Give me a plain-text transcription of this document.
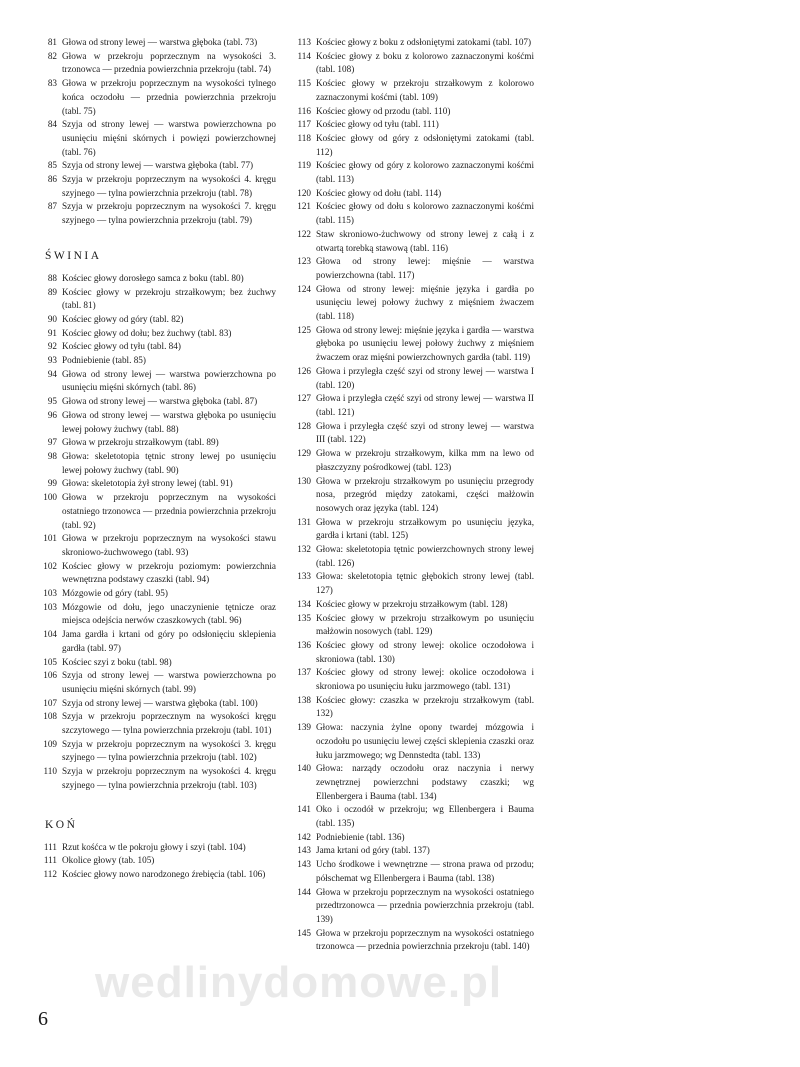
81 Głowa od strony lewej — warstwa głęboka (tabl. 73)
82 Głowa w przekroju poprzecznym na wysokości 3. trzonowca — przednia powierzchnia przekroju (tabl. 74)
83 Głowa w przekroju poprzecznym na wysokości tylnego końca oczodołu — przednia powierzchnia przekroju (tabl. 75)
84 Szyja od strony lewej — warstwa powierzchowna po usunięciu mięśni skórnych i powięzi powierzchownej (tabl. 76)
85 Szyja od strony lewej — warstwa głęboka (tabl. 77)
86 Szyja w przekroju poprzecznym na wysokości 4. kręgu szyjnego — tylna powierzchnia przekroju (tabl. 78)
87 Szyja w przekroju poprzecznym na wysokości 7. kręgu szyjnego — tylna powierzchnia przekroju (tabl. 79)
ŚWINIA
88 Kościec głowy dorosłego samca z boku (tabl. 80)
89 Kościec głowy w przekroju strzałkowym; bez żuchwy (tabl. 81)
90 Kościec głowy od góry (tabl. 82)
91 Kościec głowy od dołu; bez żuchwy (tabl. 83)
92 Kościec głowy od tyłu (tabl. 84)
93 Podniebienie (tabl. 85)
94 Głowa od strony lewej — warstwa powierzchowna po usunięciu mięśni skórnych (tabl. 86)
95 Głowa od strony lewej — warstwa głęboka (tabl. 87)
96 Głowa od strony lewej — warstwa głęboka po usunięciu lewej połowy żuchwy (tabl. 88)
97 Głowa w przekroju strzałkowym (tabl. 89)
98 Głowa: skeletotopia tętnic strony lewej po usunięciu lewej połowy żuchwy (tabl. 90)
99 Głowa: skeletotopia żył strony lewej (tabl. 91)
100 Głowa w przekroju poprzecznym na wysokości ostatniego trzonowca — przednia powierzchnia przekroju (tabl. 92)
101 Głowa w przekroju poprzecznym na wysokości stawu skroniowo-żuchwowego (tabl. 93)
102 Kościec głowy w przekroju poziomym: powierzchnia wewnętrzna podstawy czaszki (tabl. 94)
103 Mózgowie od góry (tabl. 95)
103 Mózgowie od dołu, jego unaczynienie tętnicze oraz miejsca odejścia nerwów czaszkowych (tabl. 96)
104 Jama gardła i krtani od góry po odsłonięciu sklepienia gardła (tabl. 97)
105 Kościec szyi z boku (tabl. 98)
106 Szyja od strony lewej — warstwa powierzchowna po usunięciu mięśni skórnych (tabl. 99)
107 Szyja od strony lewej — warstwa głęboka (tabl. 100)
108 Szyja w przekroju poprzecznym na wysokości kręgu szczytowego — tylna powierzchnia przekroju (tabl. 101)
109 Szyja w przekroju poprzecznym na wysokości 3. kręgu szyjnego — tylna powierzchnia przekroju (tabl. 102)
110 Szyja w przekroju poprzecznym na wysokości 4. kręgu szyjnego — tylna powierzchnia przekroju (tabl. 103)
KOŃ
111 Rzut kośćca w tle pokroju głowy i szyi (tabl. 104)
111 Okolice głowy (tab. 105)
112 Kościec głowy nowo narodzonego źrebięcia (tabl. 106)
113 Kościec głowy z boku z odsłoniętymi zatokami (tabl. 107)
114 Kościec głowy z boku z kolorowo zaznaczonymi kośćmi (tabl. 108)
115 Kościec głowy w przekroju strzałkowym z kolorowo zaznaczonymi kośćmi (tabl. 109)
116 Kościec głowy od przodu (tabl. 110)
117 Kościec głowy od tyłu (tabl. 111)
118 Kościec głowy od góry z odsłoniętymi zatokami (tabl. 112)
119 Kościec głowy od góry z kolorowo zaznaczonymi kośćmi (tabl. 113)
120 Kościec głowy od dołu (tabl. 114)
121 Kościec głowy od dołu s kolorowo zaznaczonymi kośćmi (tabl. 115)
122 Staw skroniowo-żuchwowy od strony lewej z całą i z otwartą torebką stawową (tabl. 116)
123 Głowa od strony lewej: mięśnie — warstwa powierzchowna (tabl. 117)
124 Głowa od strony lewej: mięśnie języka i gardła po usunięciu lewej połowy żuchwy z mięśniem żwaczem (tabl. 118)
125 Głowa od strony lewej: mięśnie języka i gardła — warstwa głęboka po usunięciu lewej połowy żuchwy z mięśniem żwaczem oraz mięśni powierzchownych gardła (tabl. 119)
126 Głowa i przyległa część szyi od strony lewej — warstwa I (tabl. 120)
127 Głowa i przyległa część szyi od strony lewej — warstwa II (tabl. 121)
128 Głowa i przyległa część szyi od strony lewej — warstwa III (tabl. 122)
129 Głowa w przekroju strzałkowym, kilka mm na lewo od płaszczyzny pośrodkowej (tabl. 123)
130 Głowa w przekroju strzałkowym po usunięciu przegrody nosa, przegród między zatokami, części małżowin nosowych oraz języka (tabl. 124)
131 Głowa w przekroju strzałkowym po usunięciu języka, gardła i krtani (tabl. 125)
132 Głowa: skeletotopia tętnic powierzchownych strony lewej (tabl. 126)
133 Głowa: skeletotopia tętnic głębokich strony lewej (tabl. 127)
134 Kościec głowy w przekroju strzałkowym (tabl. 128)
135 Kościec głowy w przekroju strzałkowym po usunięciu małżowin nosowych (tabl. 129)
136 Kościec głowy od strony lewej: okolice oczodołowa i skroniowa (tabl. 130)
137 Kościec głowy od strony lewej: okolice oczodołowa i skroniowa po usunięciu łuku jarzmowego (tabl. 131)
138 Kościec głowy: czaszka w przekroju strzałkowym (tabl. 132)
139 Głowa: naczynia żylne opony twardej mózgowia i oczodołu po usunięciu lewej części sklepienia czaszki oraz łuku jarzmowego; wg Dennstedta (tabl. 133)
140 Głowa: narządy oczodołu oraz naczynia i nerwy zewnętrznej powierzchni podstawy czaszki; wg Ellenbergera i Bauma (tabl. 134)
141 Oko i oczodół w przekroju; wg Ellenbergera i Bauma (tabl. 135)
142 Podniebienie (tabl. 136)
143 Jama krtani od góry (tabl. 137)
143 Ucho środkowe i wewnętrzne — strona prawa od przodu; półschemat wg Ellenbergera i Bauma (tabl. 138)
144 Głowa w przekroju poprzecznym na wysokości ostatniego przedtrzonowca — przednia powierzchnia przekroju (tabl. 139)
145 Głowa w przekroju poprzecznym na wysokości ostatniego trzonowca — przednia powierzchnia przekroju (tabl. 140)
wedlinydomowe.pl
6
